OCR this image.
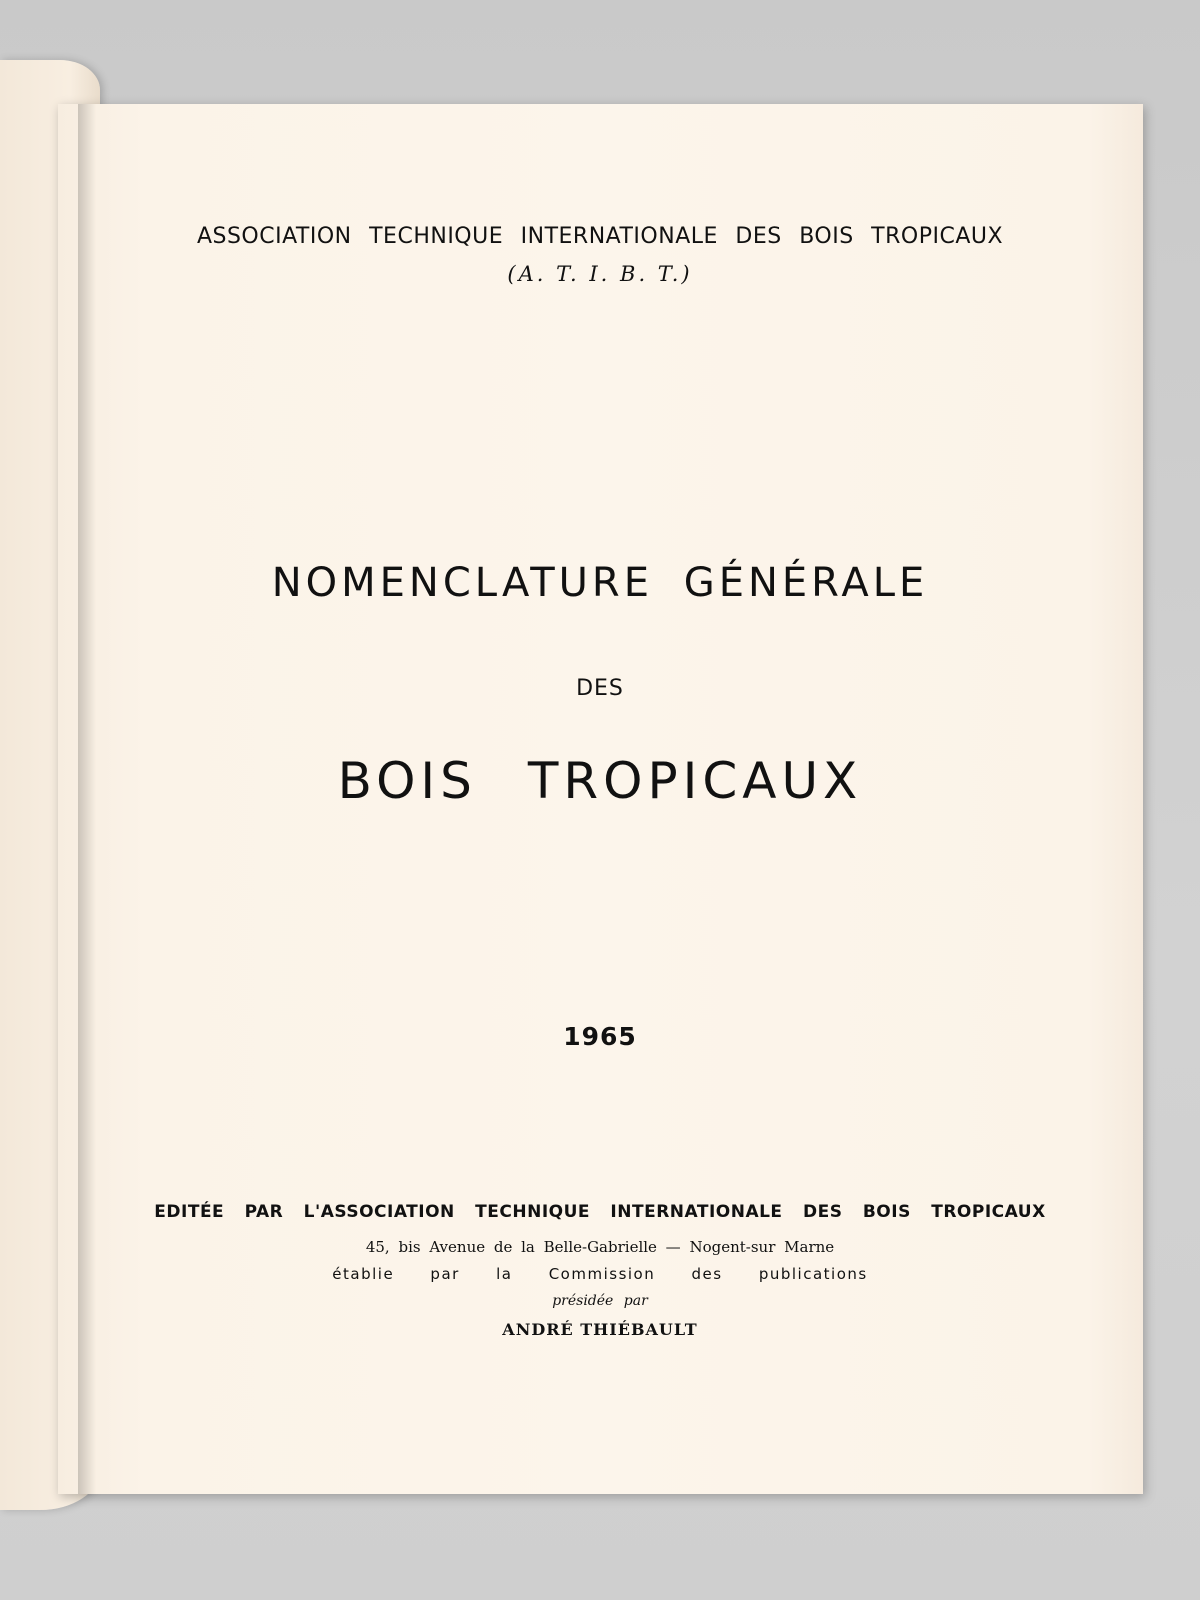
ASSOCIATION TECHNIQUE INTERNATIONALE DES BOIS TROPICAUX
(A. T. I. B. T.)
NOMENCLATURE GÉNÉRALE
DES
BOIS TROPICAUX
1965
EDITÉE PAR L'ASSOCIATION TECHNIQUE INTERNATIONALE DES BOIS TROPICAUX
45, bis Avenue de la Belle-Gabrielle — Nogent-sur Marne
établie par la Commission des publications
présidée par
ANDRÉ THIÉBAULT
